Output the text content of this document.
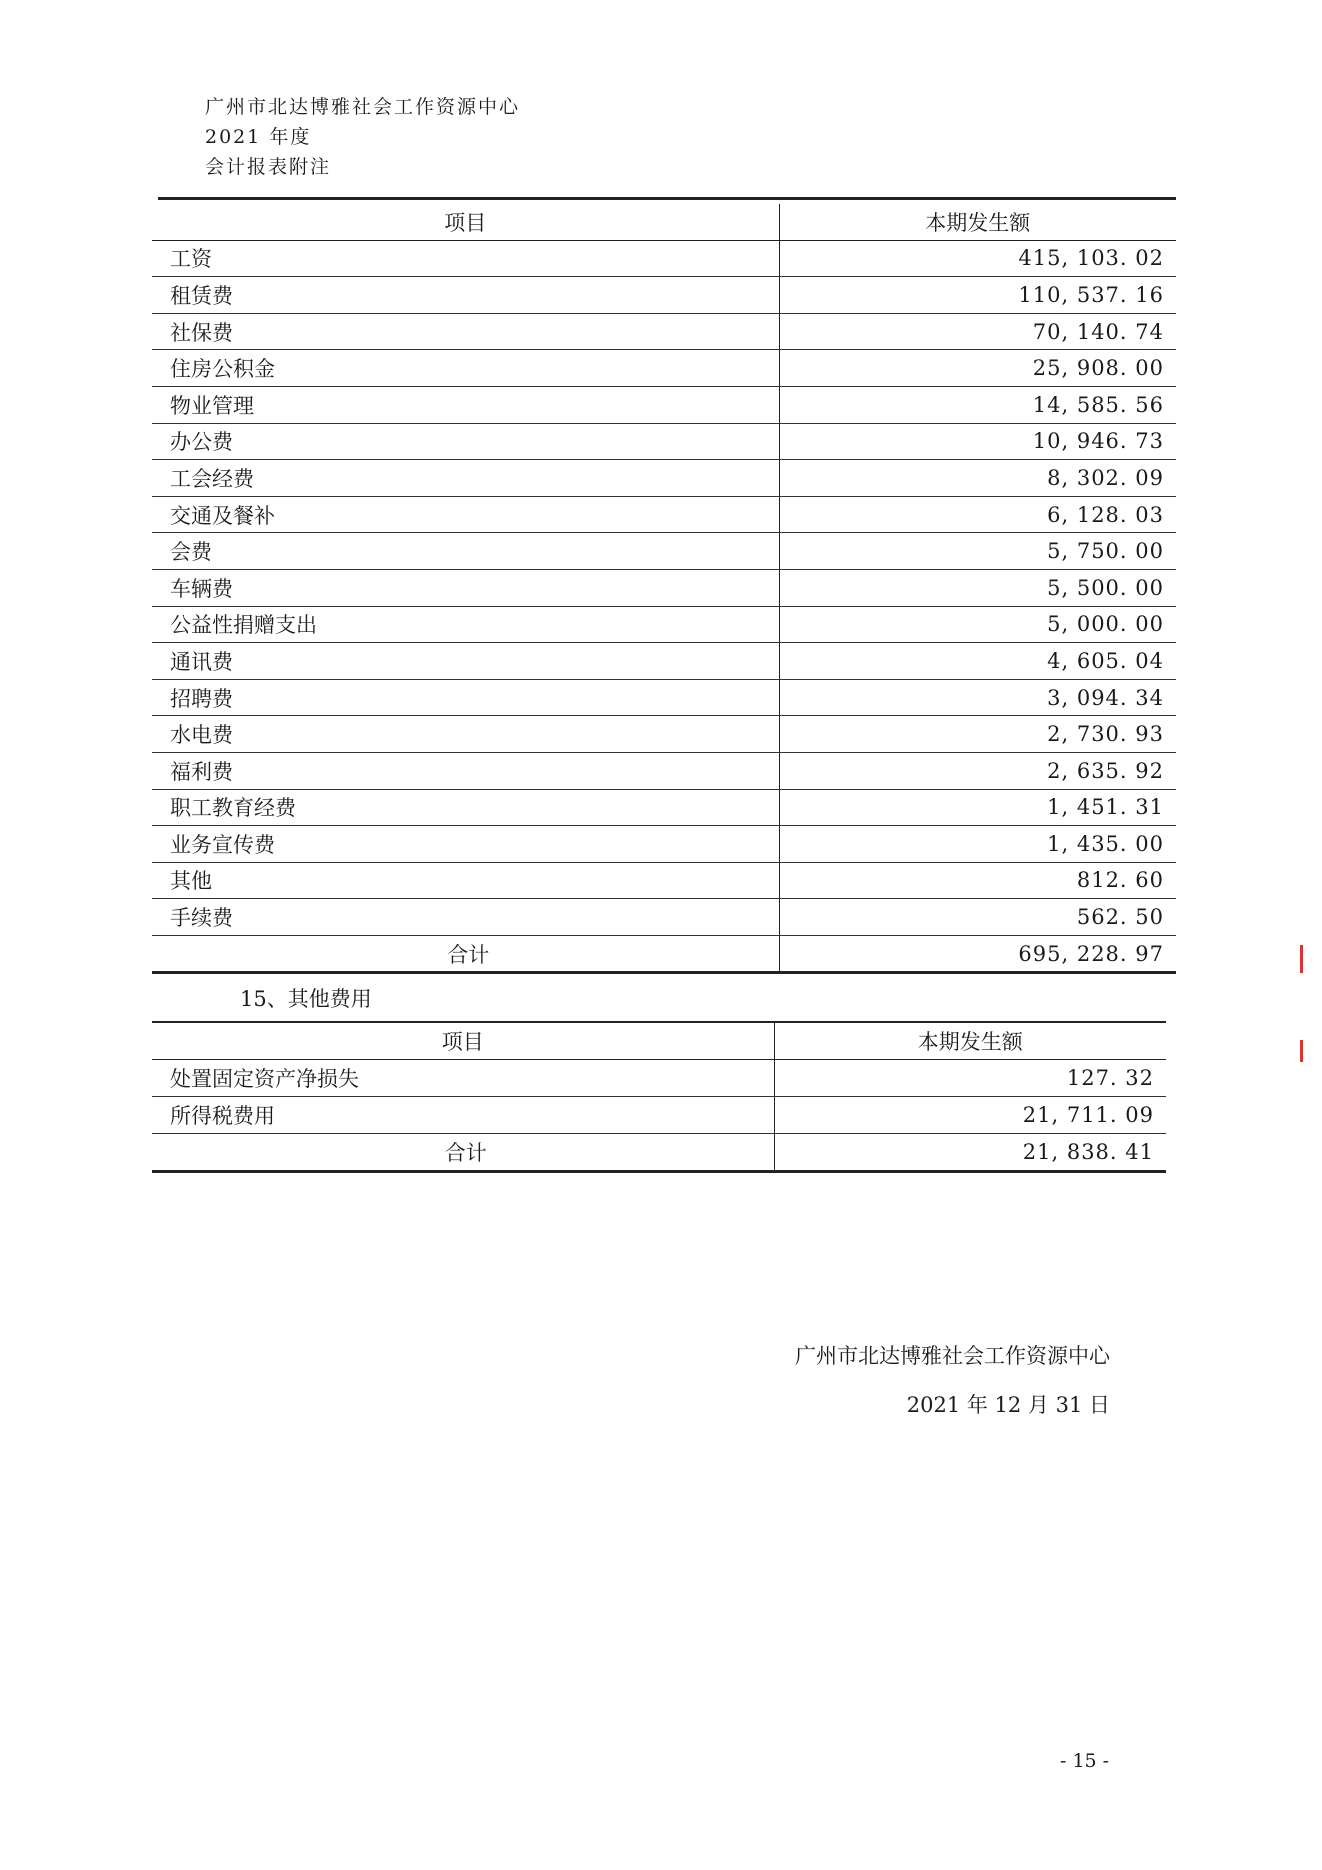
广州市北达博雅社会工作资源中心
2021 年度
会计报表附注
项目	本期发生额
工资	415, 103. 02
租赁费	110, 537. 16
社保费	70, 140. 74
住房公积金	25, 908. 00
物业管理	14, 585. 56
办公费	10, 946. 73
工会经费	8, 302. 09
交通及餐补	6, 128. 03
会费	5, 750. 00
车辆费	5, 500. 00
公益性捐赠支出	5, 000. 00
通讯费	4, 605. 04
招聘费	3, 094. 34
水电费	2, 730. 93
福利费	2, 635. 92
职工教育经费	1, 451. 31
业务宣传费	1, 435. 00
其他	812. 60
手续费	562. 50
合计	695, 228. 97
15、其他费用
项目	本期发生额
处置固定资产净损失	127. 32
所得税费用	21, 711. 09
合计	21, 838. 41
广州市北达博雅社会工作资源中心
2021 年 12 月 31 日
- 15 -
